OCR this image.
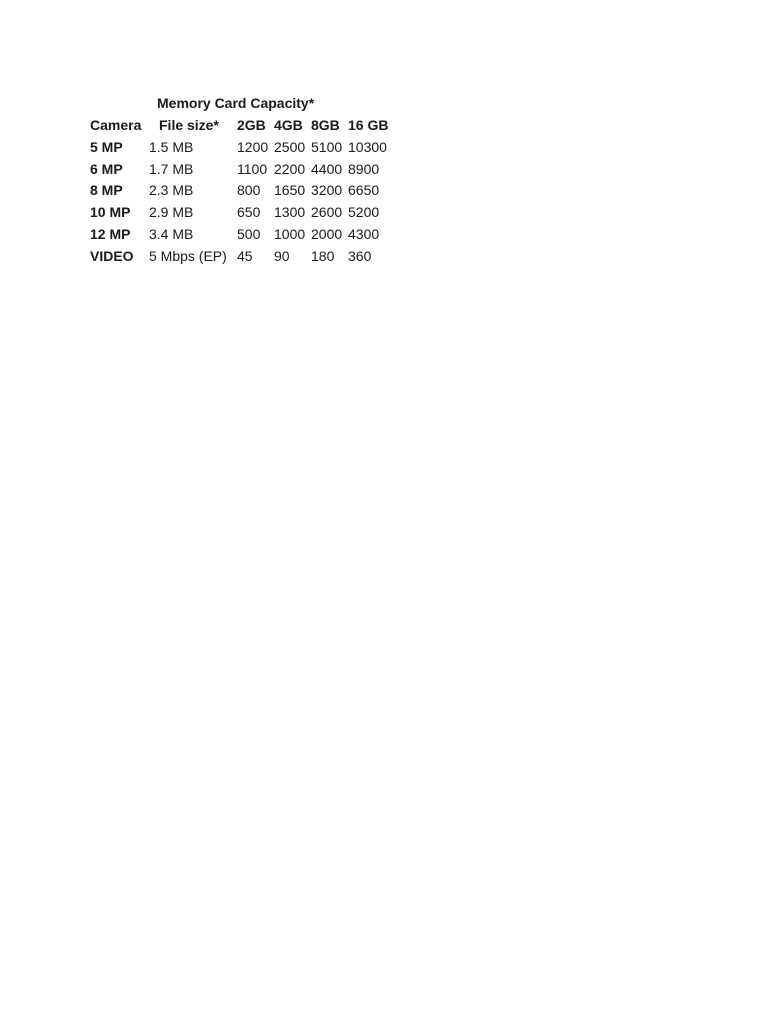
Memory Card Capacity*
Camera	File size*	2GB	4GB	8GB	16 GB
5 MP	1.5 MB	1200	2500	5100	10300
6 MP	1.7 MB	1100	2200	4400	8900
8 MP	2.3 MB	800	1650	3200	6650
10 MP	2.9 MB	650	1300	2600	5200
12 MP	3.4 MB	500	1000	2000	4300
VIDEO	5 Mbps (EP)	45	90	180	360
